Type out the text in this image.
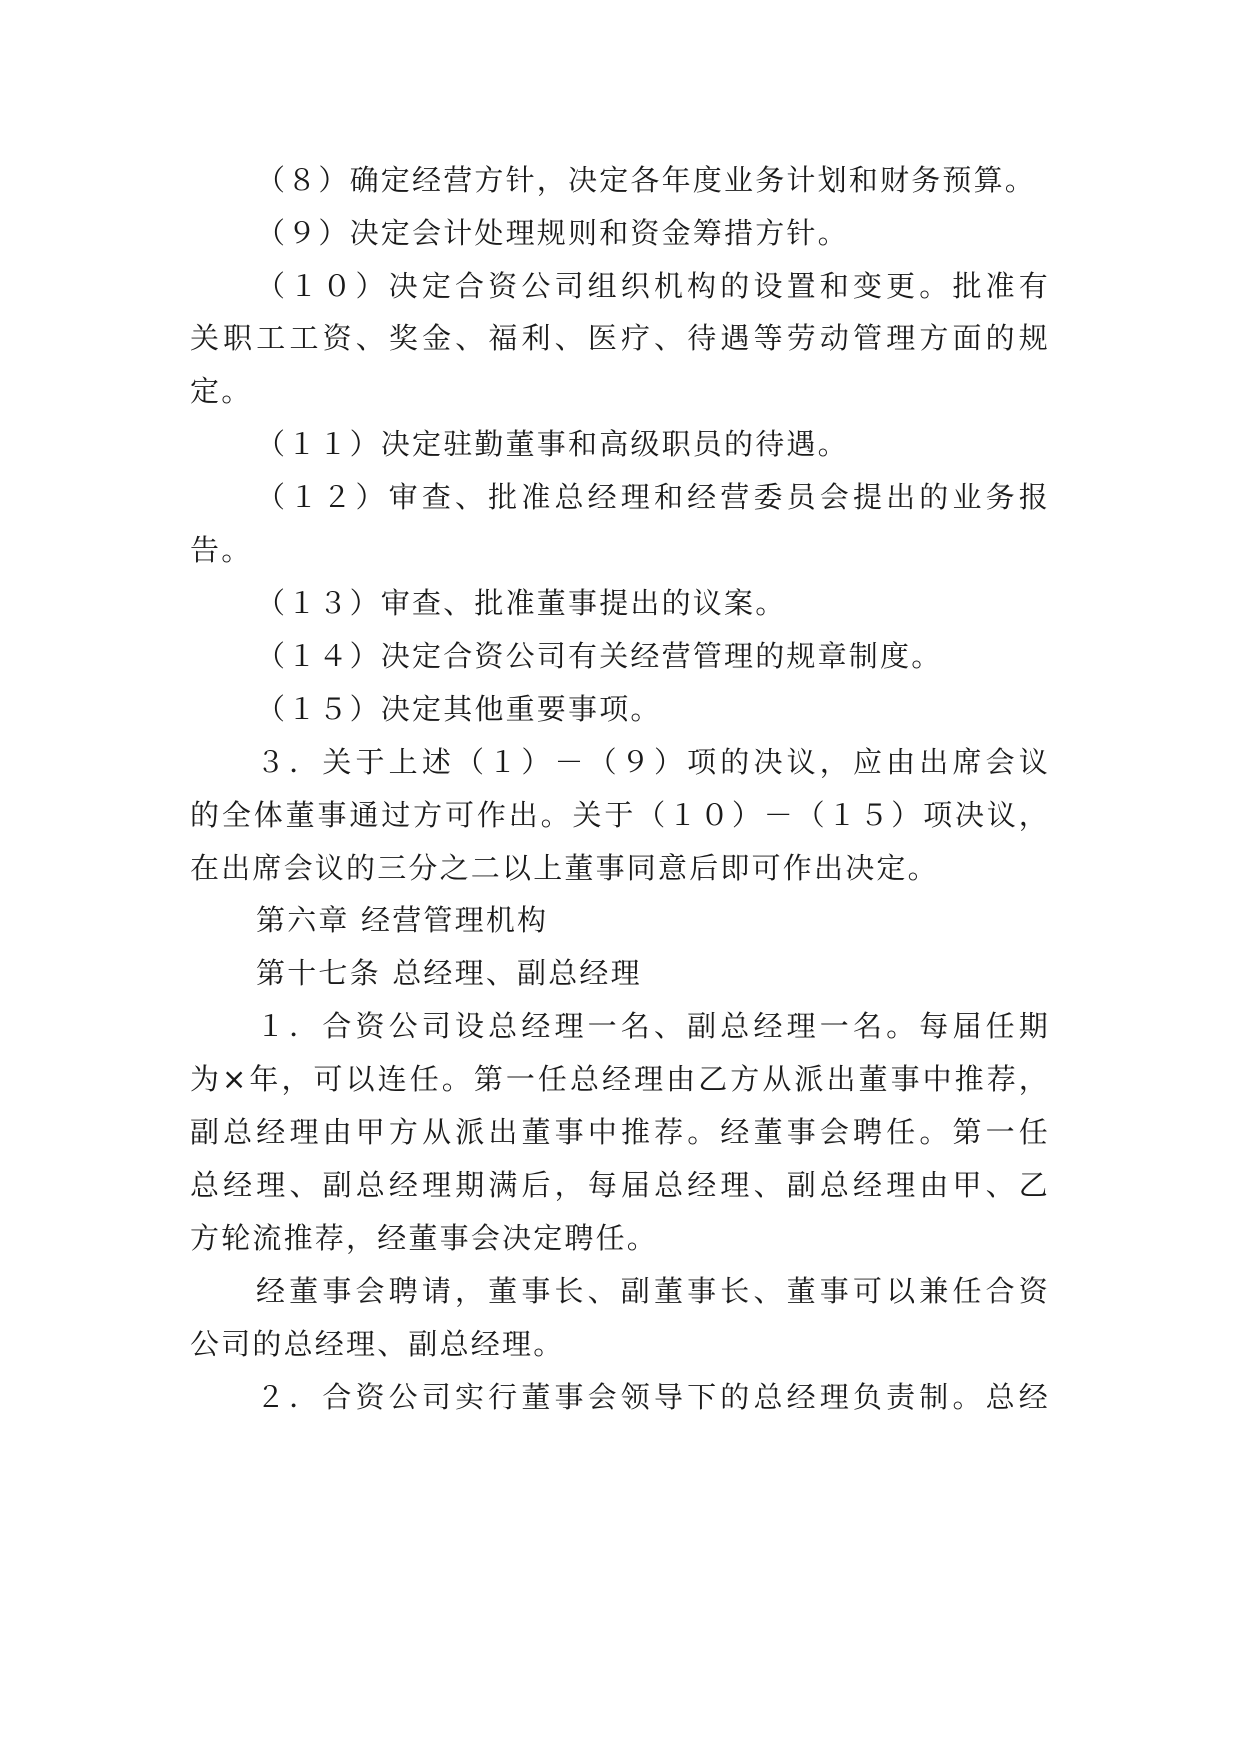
（８）确定经营方针，决定各年度业务计划和财务预算。
（９）决定会计处理规则和资金筹措方针。
（１０）决定合资公司组织机构的设置和变更。批准有
关职工工资、奖金、福利、医疗、待遇等劳动管理方面的规
定。
（１１）决定驻勤董事和高级职员的待遇。
（１２）审查、批准总经理和经营委员会提出的业务报
告。
（１３）审查、批准董事提出的议案。
（１４）决定合资公司有关经营管理的规章制度。
（１５）决定其他重要事项。
３．关于上述（１）－（９）项的决议，应由出席会议
的全体董事通过方可作出。关于（１０）－（１５）项决议，
在出席会议的三分之二以上董事同意后即可作出决定。
第六章 经营管理机构
第十七条 总经理、副总经理
１．合资公司设总经理一名、副总经理一名。每届任期
为×年，可以连任。第一任总经理由乙方从派出董事中推荐，
副总经理由甲方从派出董事中推荐。经董事会聘任。第一任
总经理、副总经理期满后，每届总经理、副总经理由甲、乙
方轮流推荐，经董事会决定聘任。
经董事会聘请，董事长、副董事长、董事可以兼任合资
公司的总经理、副总经理。
２．合资公司实行董事会领导下的总经理负责制。总经
